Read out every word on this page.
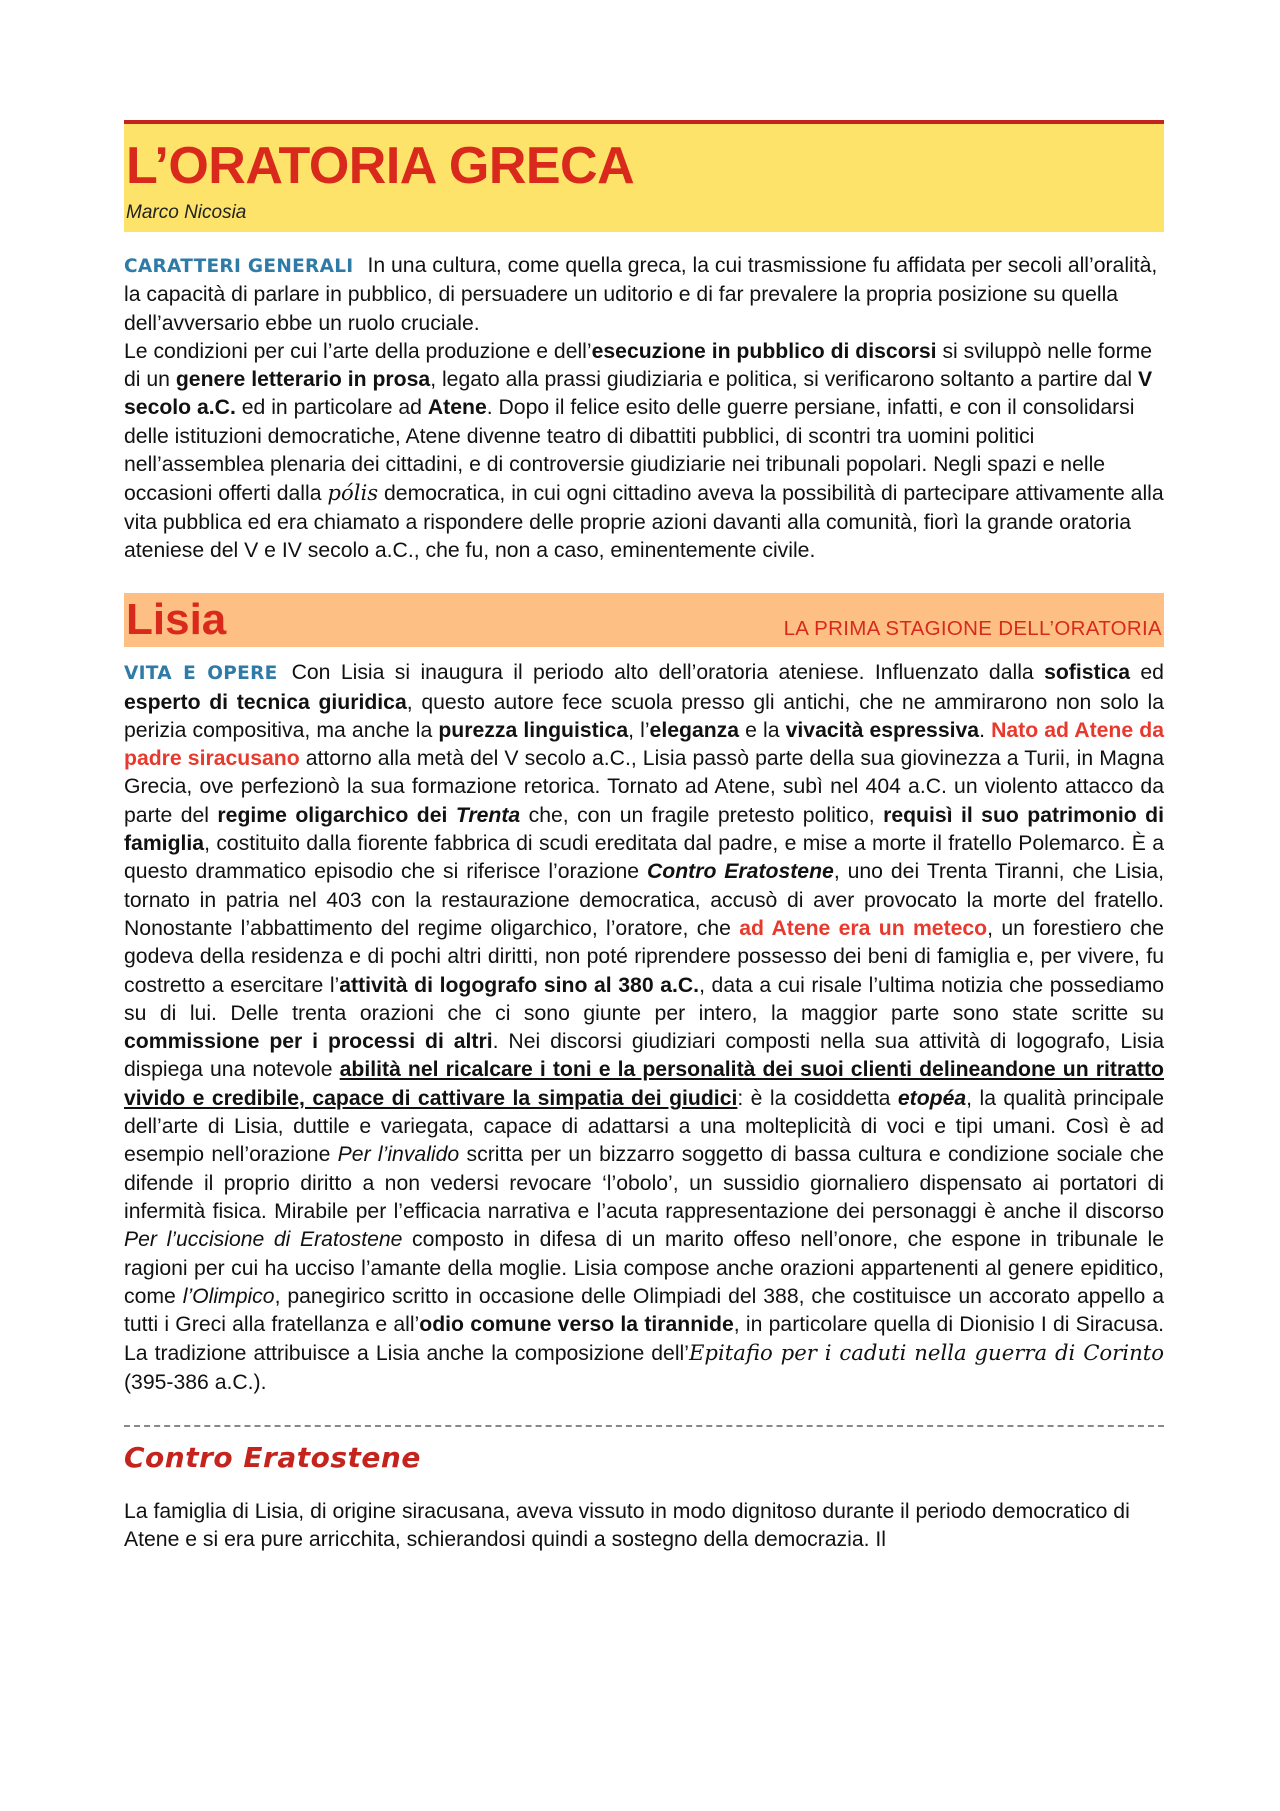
L’ORATORIA GRECA
Marco Nicosia

CARATTERI GENERALI In una cultura, come quella greca, la cui trasmissione fu affidata per secoli all’oralità, la capacità di parlare in pubblico, di persuadere un uditorio e di far prevalere la propria posizione su quella dell’avversario ebbe un ruolo cruciale.

Le condizioni per cui l’arte della produzione e dell’esecuzione in pubblico di discorsi si sviluppò nelle forme di un genere letterario in prosa, legato alla prassi giudiziaria e politica, si verificarono soltanto a partire dal V secolo a.C. ed in particolare ad Atene. Dopo il felice esito delle guerre persiane, infatti, e con il consolidarsi delle istituzioni democratiche, Atene divenne teatro di dibattiti pubblici, di scontri tra uomini politici nell’assemblea plenaria dei cittadini, e di controversie giudiziarie nei tribunali popolari. Negli spazi e nelle occasioni offerti dalla pólis democratica, in cui ogni cittadino aveva la possibilità di partecipare attivamente alla vita pubblica ed era chiamato a rispondere delle proprie azioni davanti alla comunità, fiorì la grande oratoria ateniese del V e IV secolo a.C., che fu, non a caso, eminentemente civile.

Lisia	LA PRIMA STAGIONE DELL’ORATORIA

VITA E OPERE Con Lisia si inaugura il periodo alto dell’oratoria ateniese. Influenzato dalla sofistica ed esperto di tecnica giuridica, questo autore fece scuola presso gli antichi, che ne ammirarono non solo la perizia compositiva, ma anche la purezza linguistica, l’eleganza e la vivacità espressiva. Nato ad Atene da padre siracusano attorno alla metà del V secolo a.C., Lisia passò parte della sua giovinezza a Turii, in Magna Grecia, ove perfezionò la sua formazione retorica. Tornato ad Atene, subì nel 404 a.C. un violento attacco da parte del regime oligarchico dei Trenta che, con un fragile pretesto politico, requisì il suo patrimonio di famiglia, costituito dalla fiorente fabbrica di scudi ereditata dal padre, e mise a morte il fratello Polemarco. È a questo drammatico episodio che si riferisce l’orazione Contro Eratostene, uno dei Trenta Tiranni, che Lisia, tornato in patria nel 403 con la restaurazione democratica, accusò di aver provocato la morte del fratello. Nonostante l’abbattimento del regime oligarchico, l’oratore, che ad Atene era un meteco, un forestiero che godeva della residenza e di pochi altri diritti, non poté riprendere possesso dei beni di famiglia e, per vivere, fu costretto a esercitare l’attività di logografo sino al 380 a.C., data a cui risale l’ultima notizia che possediamo su di lui. Delle trenta orazioni che ci sono giunte per intero, la maggior parte sono state scritte su commissione per i processi di altri. Nei discorsi giudiziari composti nella sua attività di logografo, Lisia dispiega una notevole abilità nel ricalcare i toni e la personalità dei suoi clienti delineandone un ritratto vivido e credibile, capace di cattivare la simpatia dei giudici: è la cosiddetta etopéa, la qualità principale dell’arte di Lisia, duttile e variegata, capace di adattarsi a una molteplicità di voci e tipi umani. Così è ad esempio nell’orazione Per l’invalido scritta per un bizzarro soggetto di bassa cultura e condizione sociale che difende il proprio diritto a non vedersi revocare ‘l’obolo’, un sussidio giornaliero dispensato ai portatori di infermità fisica. Mirabile per l’efficacia narrativa e l’acuta rappresentazione dei personaggi è anche il discorso Per l’uccisione di Eratostene composto in difesa di un marito offeso nell’onore, che espone in tribunale le ragioni per cui ha ucciso l’amante della moglie. Lisia compose anche orazioni appartenenti al genere epiditico, come l’Olimpico, panegirico scritto in occasione delle Olimpiadi del 388, che costituisce un accorato appello a tutti i Greci alla fratellanza e all’odio comune verso la tirannide, in particolare quella di Dionisio I di Siracusa. La tradizione attribuisce a Lisia anche la composizione dell’Epitafio per i caduti nella guerra di Corinto (395-386 a.C.).

Contro Eratostene

La famiglia di Lisia, di origine siracusana, aveva vissuto in modo dignitoso durante il periodo democratico di Atene e si era pure arricchita, schierandosi quindi a sostegno della democrazia. Il
